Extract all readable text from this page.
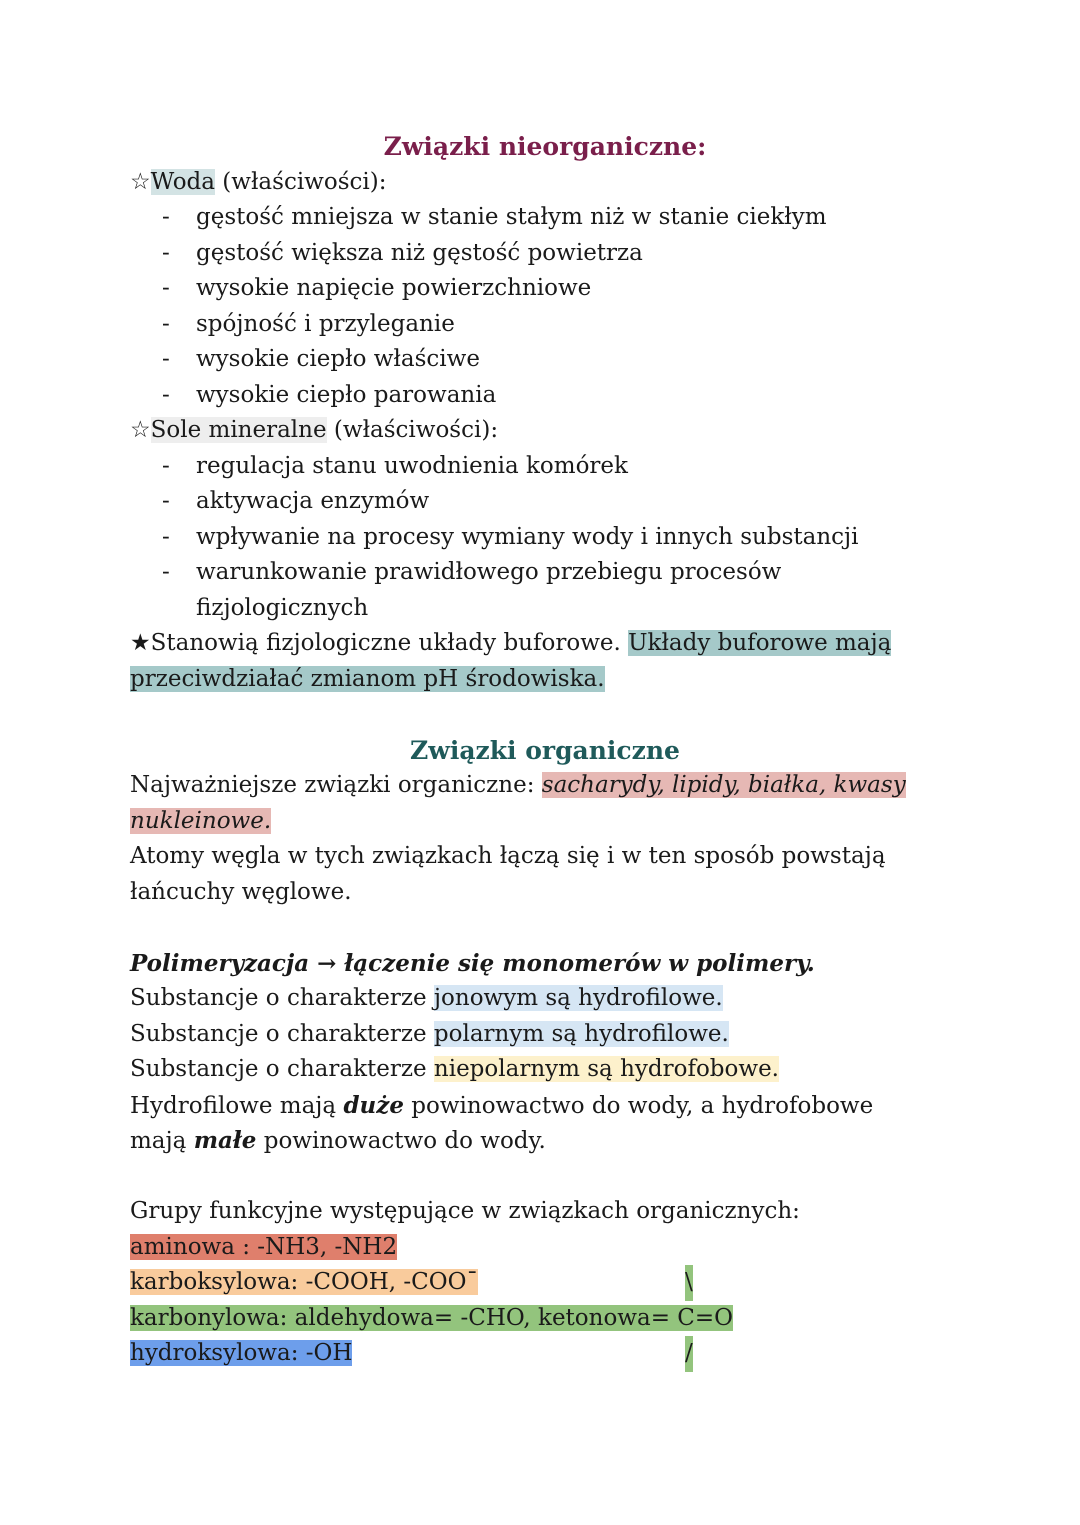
Związki nieorganiczne:
☆Woda (właściwości):
- gęstość mniejsza w stanie stałym niż w stanie ciekłym
- gęstość większa niż gęstość powietrza
- wysokie napięcie powierzchniowe
- spójność i przyleganie
- wysokie ciepło właściwe
- wysokie ciepło parowania
☆Sole mineralne (właściwości):
- regulacja stanu uwodnienia komórek
- aktywacja enzymów
- wpływanie na procesy wymiany wody i innych substancji
- warunkowanie prawidłowego przebiegu procesów
fizjologicznych
★Stanowią fizjologiczne układy buforowe. Układy buforowe mają
przeciwdziałać zmianom pH środowiska.
Związki organiczne
Najważniejsze związki organiczne: sacharydy, lipidy, białka, kwasy
nukleinowe.
Atomy węgla w tych związkach łączą się i w ten sposób powstają
łańcuchy węglowe.
Polimeryzacja → łączenie się monomerów w polimery.
Substancje o charakterze jonowym są hydrofilowe.
Substancje o charakterze polarnym są hydrofilowe.
Substancje o charakterze niepolarnym są hydrofobowe.
Hydrofilowe mają duże powinowactwo do wody, a hydrofobowe
mają małe powinowactwo do wody.
Grupy funkcyjne występujące w związkach organicznych:
aminowa : -NH3, -NH2
karboksylowa: -COOH, -COO¯	\
karbonylowa: aldehydowa= -CHO, ketonowa= C=O
hydroksylowa: -OH	/
